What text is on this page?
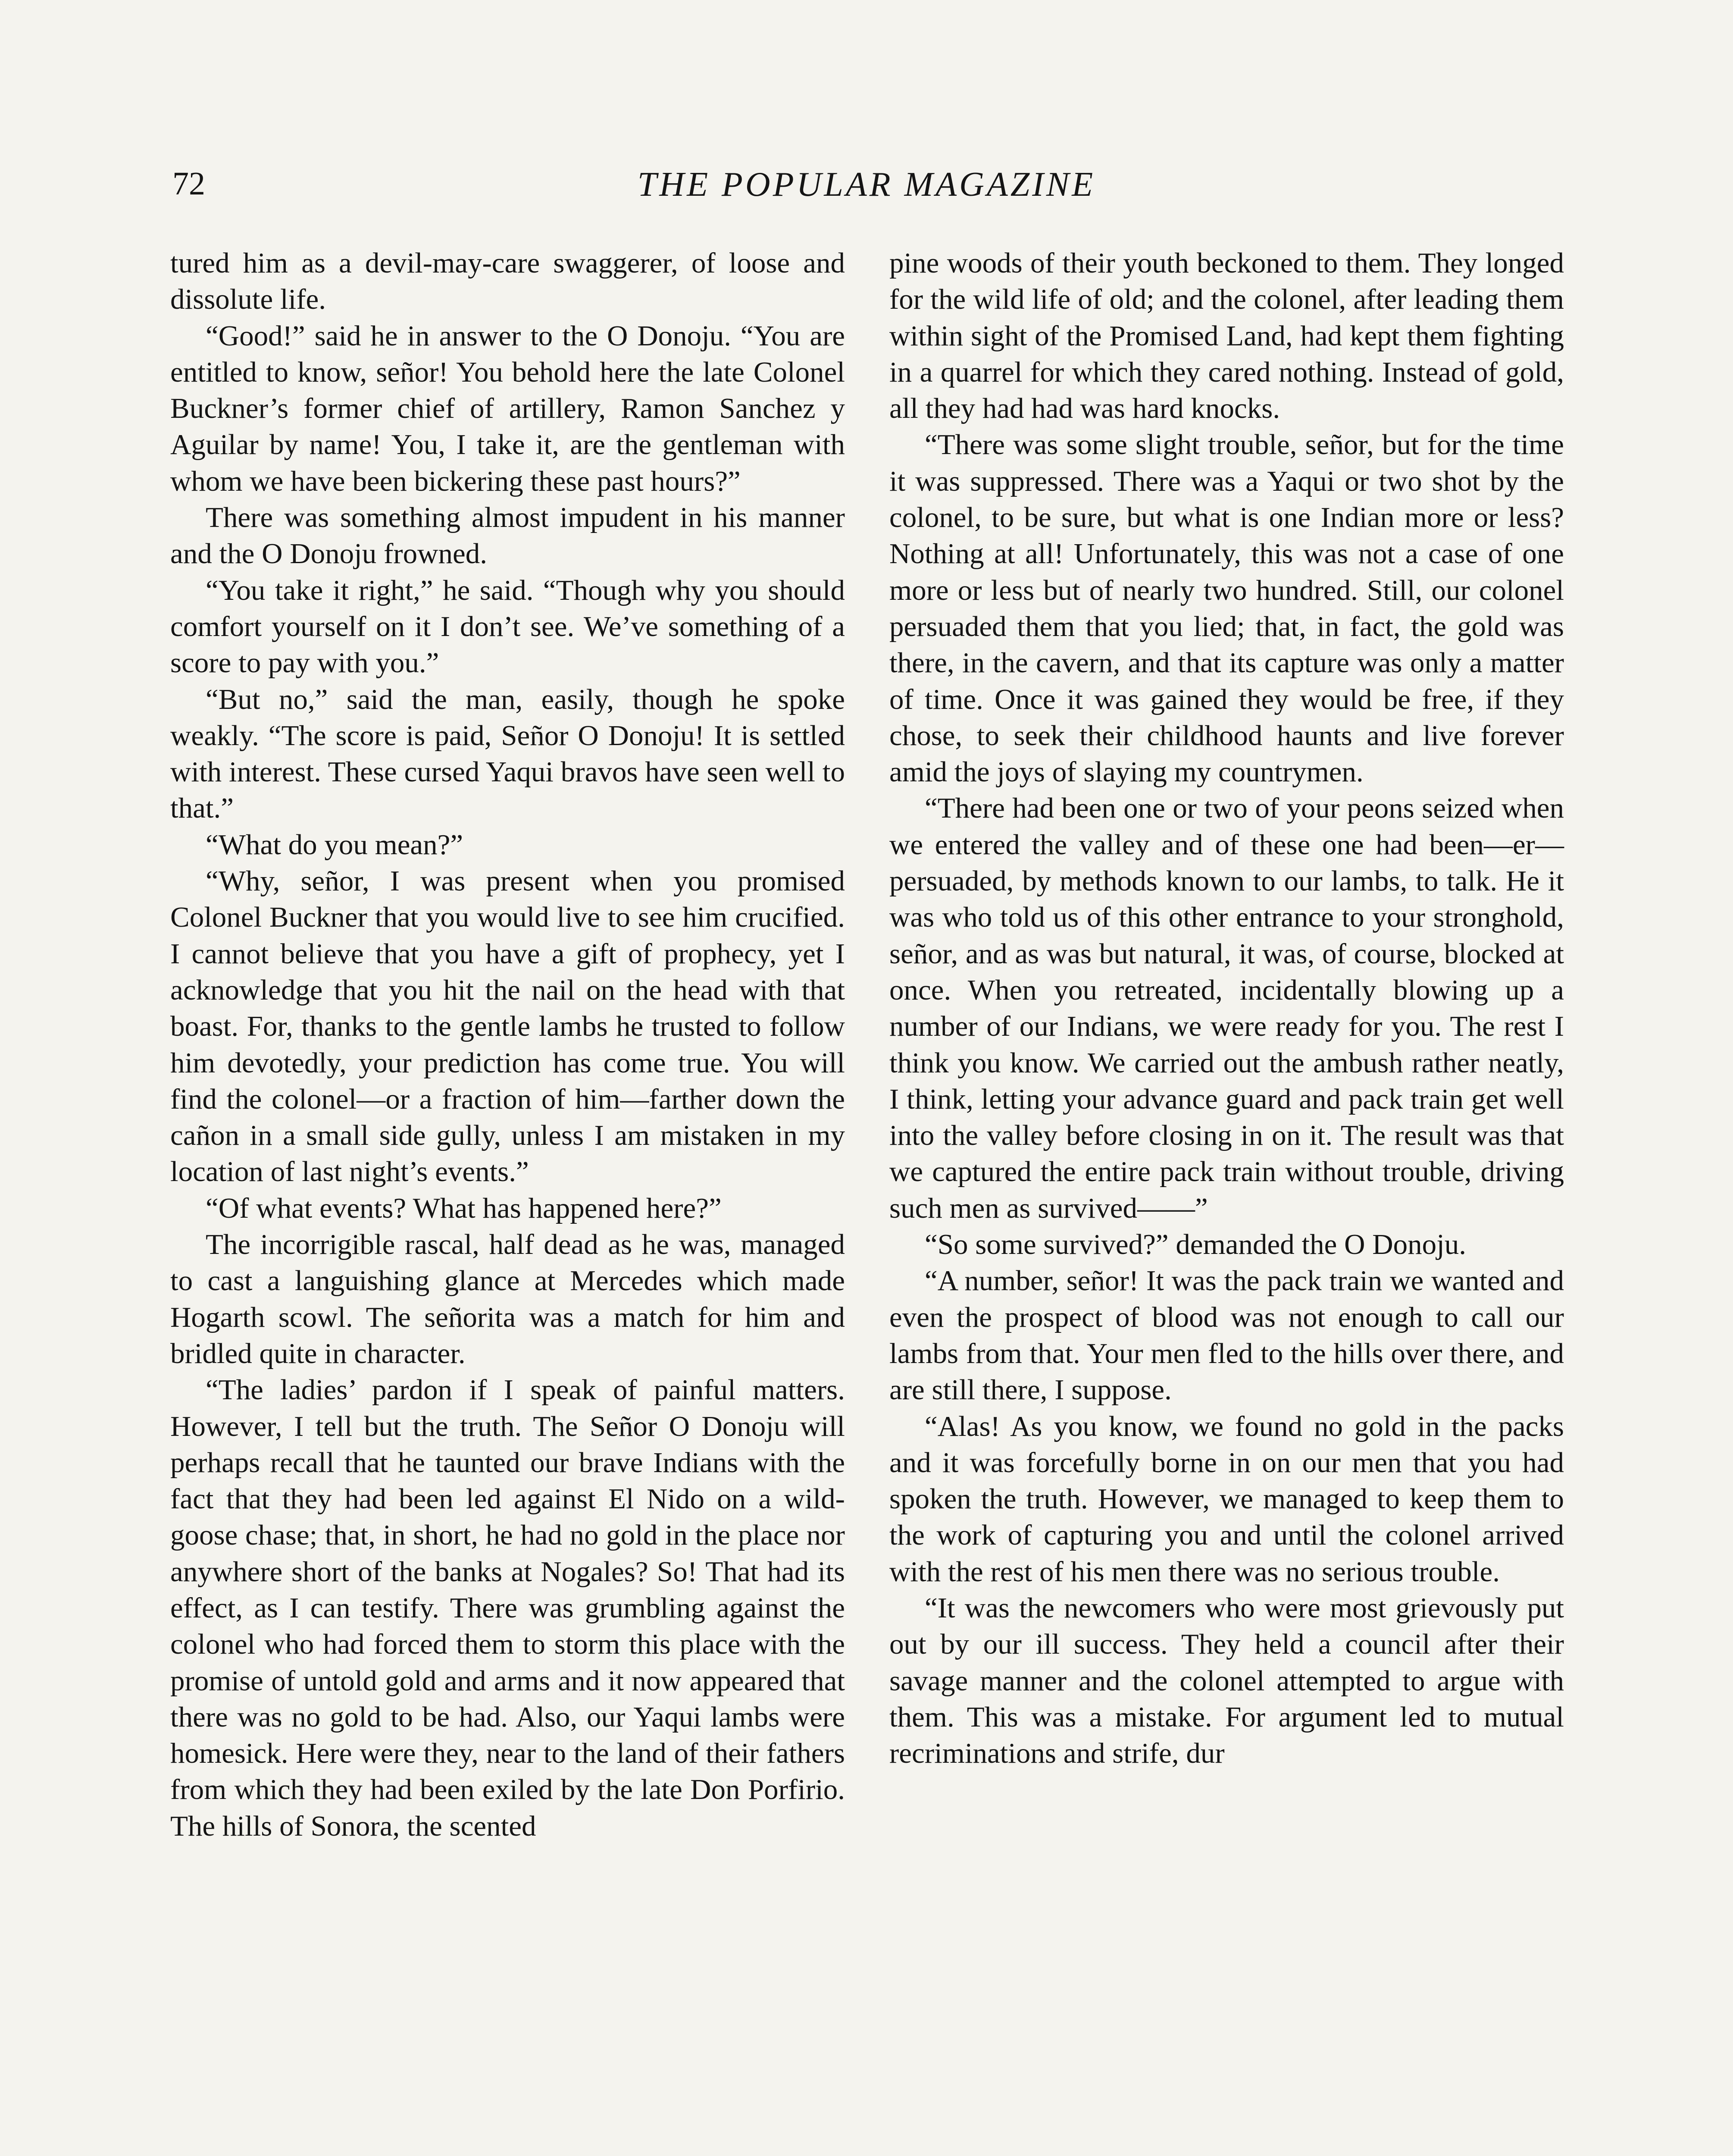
72	THE POPULAR MAGAZINE

tured him as a devil-may-care swaggerer, of loose and dissolute life.

“Good!” said he in answer to the O Donoju. “You are entitled to know, señor! You behold here the late Colonel Buckner’s former chief of artillery, Ramon Sanchez y Aguilar by name! You, I take it, are the gentleman with whom we have been bickering these past hours?”

There was something almost impudent in his manner and the O Donoju frowned.

“You take it right,” he said. “Though why you should comfort yourself on it I don’t see. We’ve something of a score to pay with you.”

“But no,” said the man, easily, though he spoke weakly. “The score is paid, Señor O Donoju! It is settled with interest. These cursed Yaqui bravos have seen well to that.”

“What do you mean?”

“Why, señor, I was present when you promised Colonel Buckner that you would live to see him crucified. I cannot believe that you have a gift of prophecy, yet I acknowledge that you hit the nail on the head with that boast. For, thanks to the gentle lambs he trusted to follow him devotedly, your prediction has come true. You will find the colonel—or a fraction of him—farther down the cañon in a small side gully, unless I am mistaken in my location of last night’s events.”

“Of what events? What has happened here?”

The incorrigible rascal, half dead as he was, managed to cast a languishing glance at Mercedes which made Hogarth scowl. The señorita was a match for him and bridled quite in character.

“The ladies’ pardon if I speak of painful matters. However, I tell but the truth. The Señor O Donoju will perhaps recall that he taunted our brave Indians with the fact that they had been led against El Nido on a wild-goose chase; that, in short, he had no gold in the place nor anywhere short of the banks at Nogales? So! That had its effect, as I can testify. There was grumbling against the colonel who had forced them to storm this place with the promise of untold gold and arms and it now appeared that there was no gold to be had. Also, our Yaqui lambs were homesick. Here were they, near to the land of their fathers from which they had been exiled by the late Don Porfirio. The hills of Sonora, the scented

pine woods of their youth beckoned to them. They longed for the wild life of old; and the colonel, after leading them within sight of the Promised Land, had kept them fighting in a quarrel for which they cared nothing. Instead of gold, all they had had was hard knocks.

“There was some slight trouble, señor, but for the time it was suppressed. There was a Yaqui or two shot by the colonel, to be sure, but what is one Indian more or less? Nothing at all! Unfortunately, this was not a case of one more or less but of nearly two hundred. Still, our colonel persuaded them that you lied; that, in fact, the gold was there, in the cavern, and that its capture was only a matter of time. Once it was gained they would be free, if they chose, to seek their childhood haunts and live forever amid the joys of slaying my countrymen.

“There had been one or two of your peons seized when we entered the valley and of these one had been—er—persuaded, by methods known to our lambs, to talk. He it was who told us of this other entrance to your stronghold, señor, and as was but natural, it was, of course, blocked at once. When you retreated, incidentally blowing up a number of our Indians, we were ready for you. The rest I think you know. We carried out the ambush rather neatly, I think, letting your advance guard and pack train get well into the valley before closing in on it. The result was that we captured the entire pack train without trouble, driving such men as survived——”

“So some survived?” demanded the O Donoju.

“A number, señor! It was the pack train we wanted and even the prospect of blood was not enough to call our lambs from that. Your men fled to the hills over there, and are still there, I suppose.

“Alas! As you know, we found no gold in the packs and it was forcefully borne in on our men that you had spoken the truth. However, we managed to keep them to the work of capturing you and until the colonel arrived with the rest of his men there was no serious trouble.

“It was the newcomers who were most grievously put out by our ill success. They held a council after their savage manner and the colonel attempted to argue with them. This was a mistake. For argument led to mutual recriminations and strife, dur
